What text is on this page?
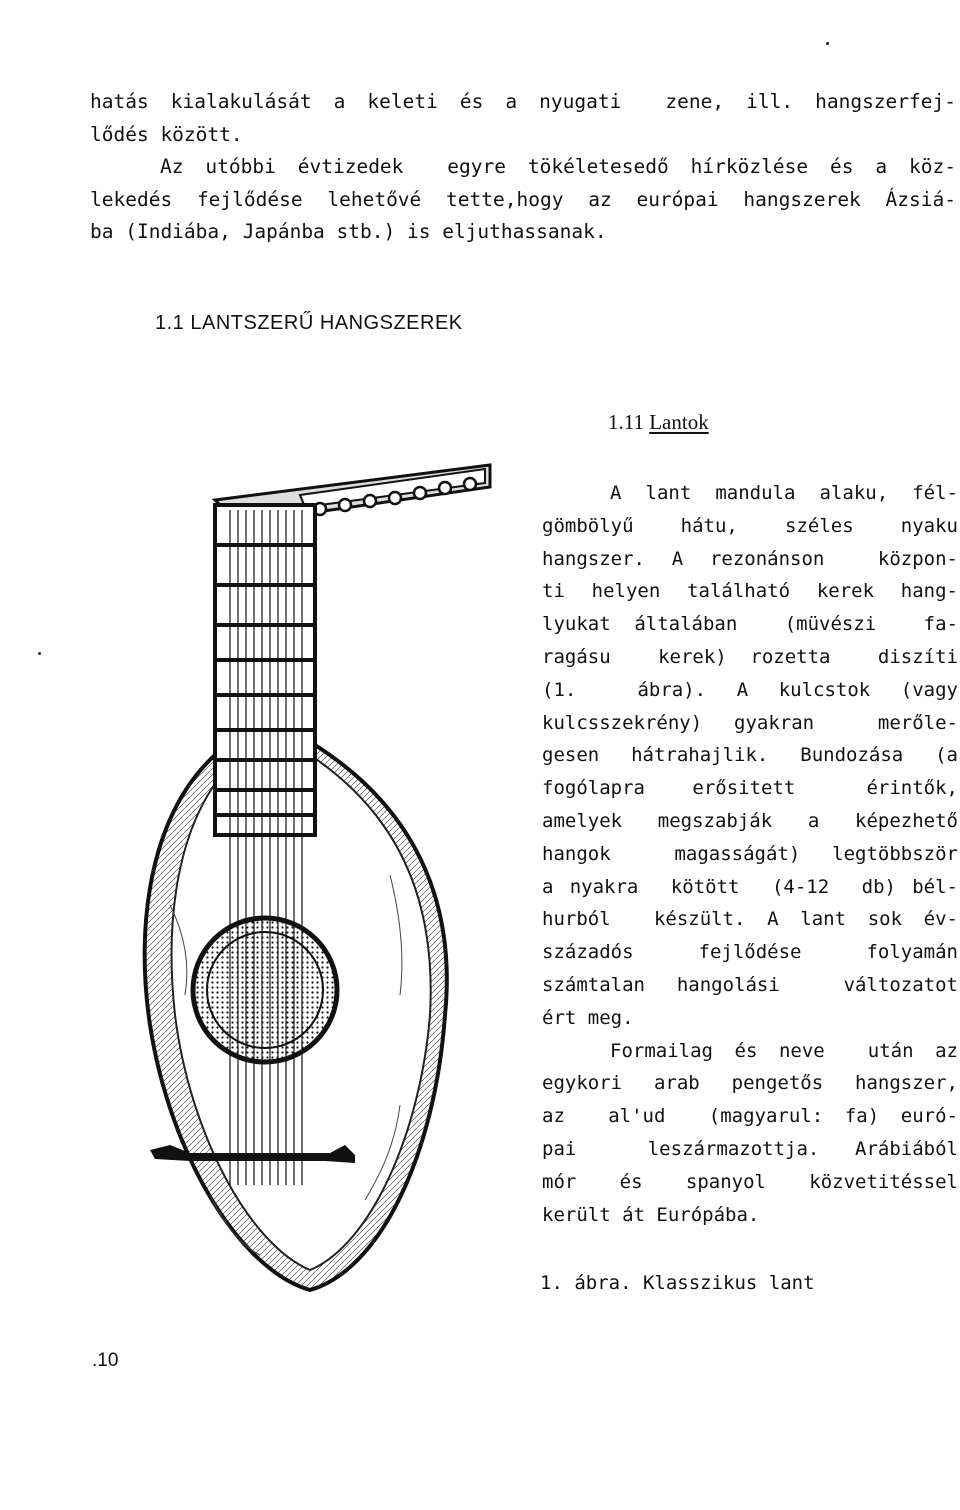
hatás kialakulását a keleti és a nyugati  zene, ill. hangszerfej-
lődés között.
Az utóbbi évtizedek  egyre tökéletesedő hírközlése és a köz-
lekedés fejlődése lehetővé tette,hogy az európai hangszerek Ázsiá-
ba (Indiába, Japánba stb.) is eljuthassanak.
1.1 LANTSZERŰ HANGSZEREK
1.11 Lantok
A lant mandula alaku, fél-
gömbölyű  hátu,  széles  nyaku
hangszer. A rezonánson  közpon-
ti helyen található kerek hang-
lyukat általában  (müvészi  fa-
ragásu  kerek) rozetta  diszíti
(1.  ábra). A kulcstok (vagy
kulcsszekrény) gyakran  merőle-
gesen hátrahajlik. Bundozása (a
fogólapra  erősitett   érintők,
amelyek megszabják a képezhető
hangok  magasságát) legtöbbször
a nyakra  kötött  (4-12  db) bél-
hurból  készült. A lant sok év-
századós  fejlődése  folyamán
számtalan hangolási  változatot
ért meg.
Formailag és neve  után az
egykori arab pengetős hangszer,
az  al'ud  (magyarul: fa) euró-
pai  leszármazottja. Arábiából
mór  és  spanyol  közvetitéssel
került át Európába.
1. ábra. Klasszikus lant
.10
